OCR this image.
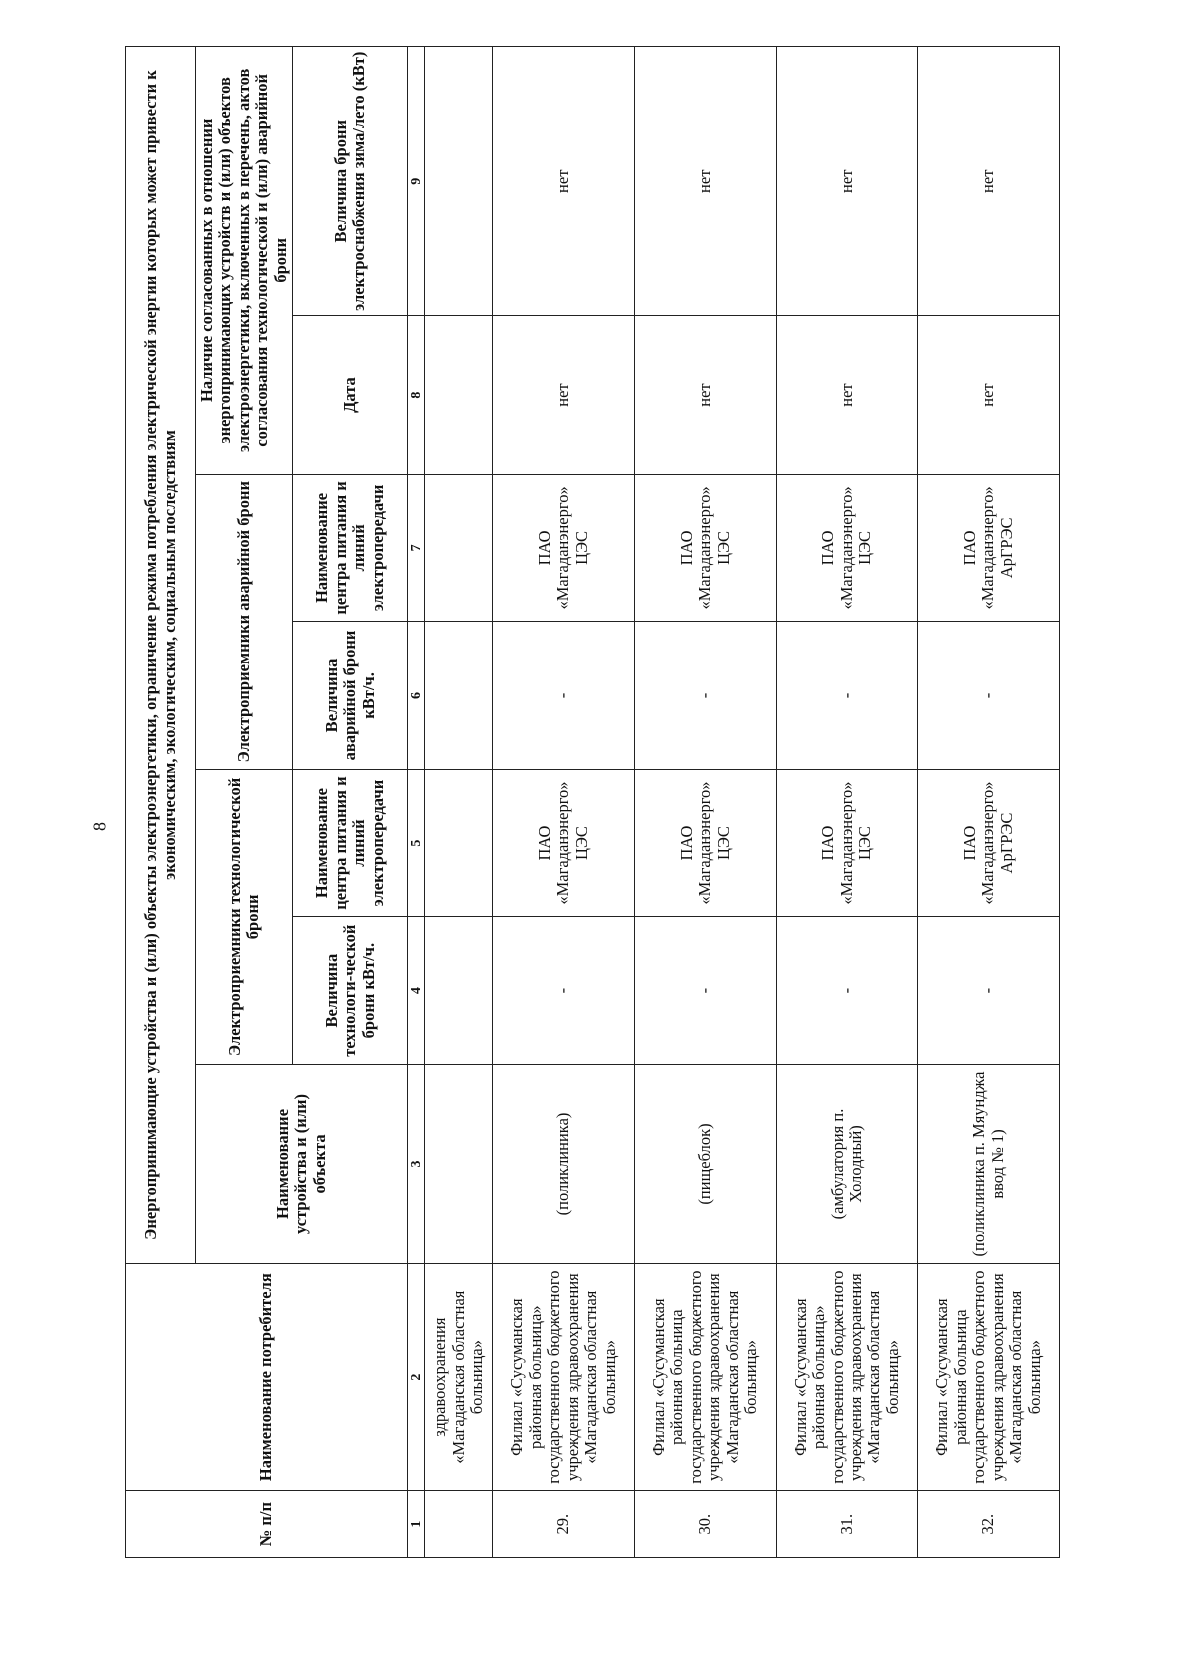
8
№ п/п	Наименование потребителя	Энергопринимающие устройства и (или) объекты электроэнергетики, ограничение режима потребления электрической энергии которых может привести к экономическим, экологическим, социальным последствиям						
		Наименование устройства и (или) объекта	Электроприемники технологической брони		Электроприемники аварийной брони		Наличие согласованных в отношении энергопринимающих устройств и (или) объектов электроэнергетики, включенных в перечень, актов согласования технологической и (или) аварийной брони	
			Величина технологи-ческой брони кВт/ч.	Наименование центра питания и линий электропередачи	Величина аварийной брони кВт/ч.	Наименование центра питания и линий электропередачи	Дата	Величина брони электроснабжения зима/лето (кВт)
1	2	3	4	5	6	7	8	9
	здравоохранения «Магаданская областная больница»							
29.	Филиал «Сусуманская районная больница» государственного бюджетного учреждения здравоохранения «Магаданская областная больница»	(поликлиника)	-	ПАО «Магаданэнерго» ЦЭС	-	ПАО «Магаданэнерго» ЦЭС	нет	нет
30.	Филиал «Сусуманская районная больница государственного бюджетного учреждения здравоохранения «Магаданская областная больница»	(пищеблок)	-	ПАО «Магаданэнерго» ЦЭС	-	ПАО «Магаданэнерго» ЦЭС	нет	нет
31.	Филиал «Сусуманская районная больница» государственного бюджетного учреждения здравоохранения «Магаданская областная больница»	(амбулатория п. Холодный)	-	ПАО «Магаданэнерго» ЦЭС	-	ПАО «Магаданэнерго» ЦЭС	нет	нет
32.	Филиал «Сусуманская районная больница государственного бюджетного учреждения здравоохранения «Магаданская областная больница»	(поликлиника п. Мяунджа ввод № 1)	-	ПАО «Магаданэнерго» АрГРЭС	-	ПАО «Магаданэнерго» АрГРЭС	нет	нет
